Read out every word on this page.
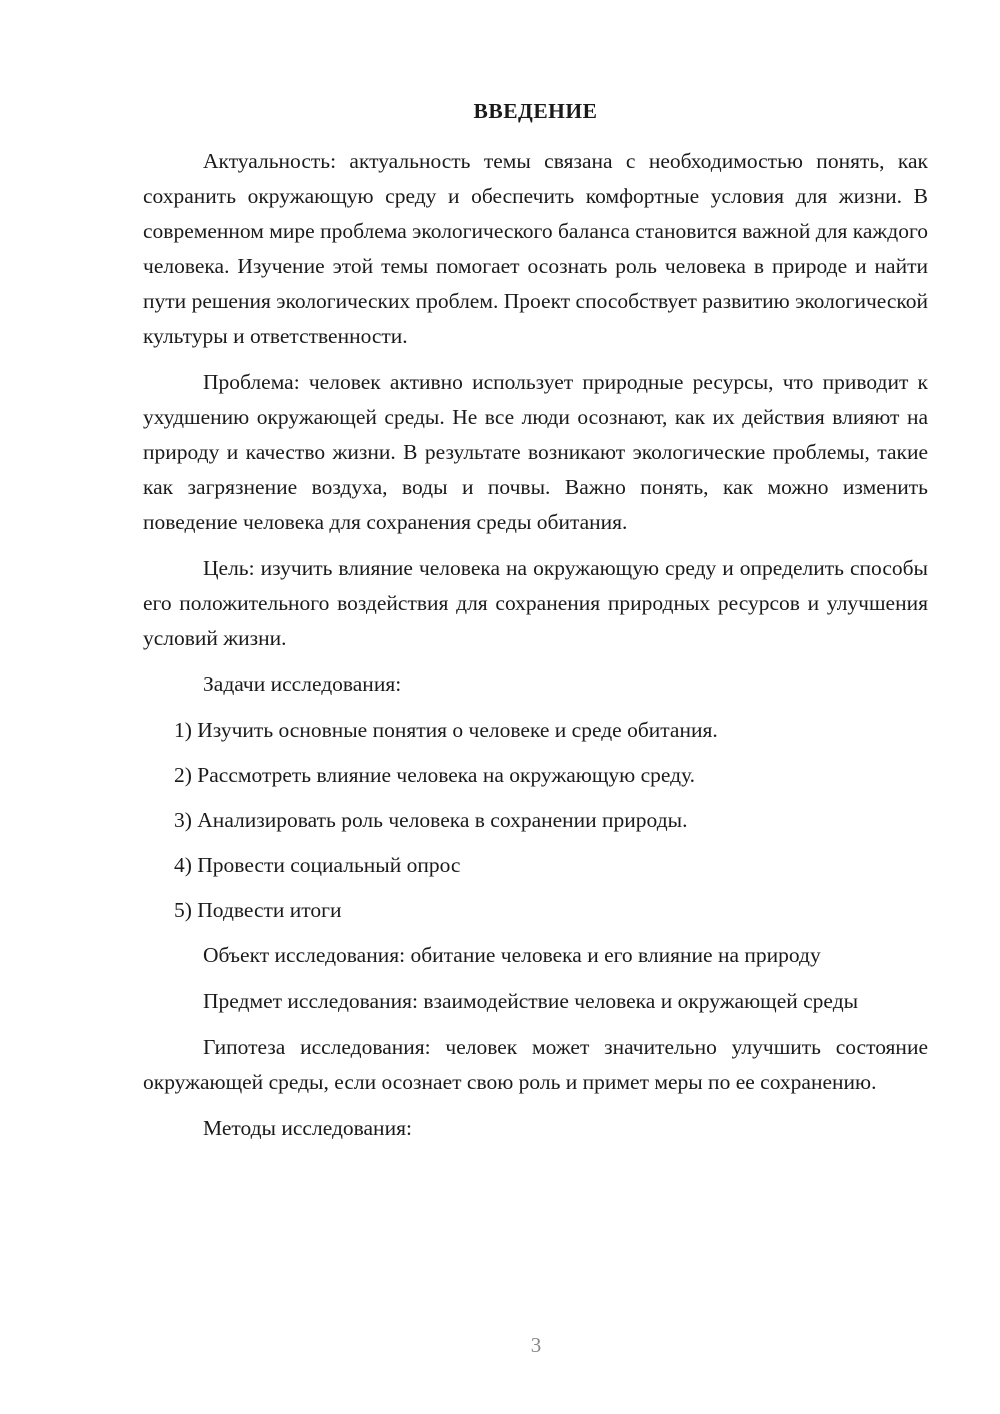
ВВЕДЕНИЕ

Актуальность: актуальность темы связана с необходимостью понять, как сохранить окружающую среду и обеспечить комфортные условия для жизни. В современном мире проблема экологического баланса становится важной для каждого человека. Изучение этой темы помогает осознать роль человека в природе и найти пути решения экологических проблем. Проект способствует развитию экологической культуры и ответственности.

Проблема: человек активно использует природные ресурсы, что приводит к ухудшению окружающей среды. Не все люди осознают, как их действия влияют на природу и качество жизни. В результате возникают экологические проблемы, такие как загрязнение воздуха, воды и почвы. Важно понять, как можно изменить поведение человека для сохранения среды обитания.

Цель: изучить влияние человека на окружающую среду и определить способы его положительного воздействия для сохранения природных ресурсов и улучшения условий жизни.

Задачи исследования:

1) Изучить основные понятия о человеке и среде обитания.
2) Рассмотреть влияние человека на окружающую среду.
3) Анализировать роль человека в сохранении природы.
4) Провести социальный опрос
5) Подвести итоги

Объект исследования: обитание человека и его влияние на природу

Предмет исследования: взаимодействие человека и окружающей среды

Гипотеза исследования: человек может значительно улучшить состояние окружающей среды, если осознает свою роль и примет меры по ее сохранению.

Методы исследования:

3
